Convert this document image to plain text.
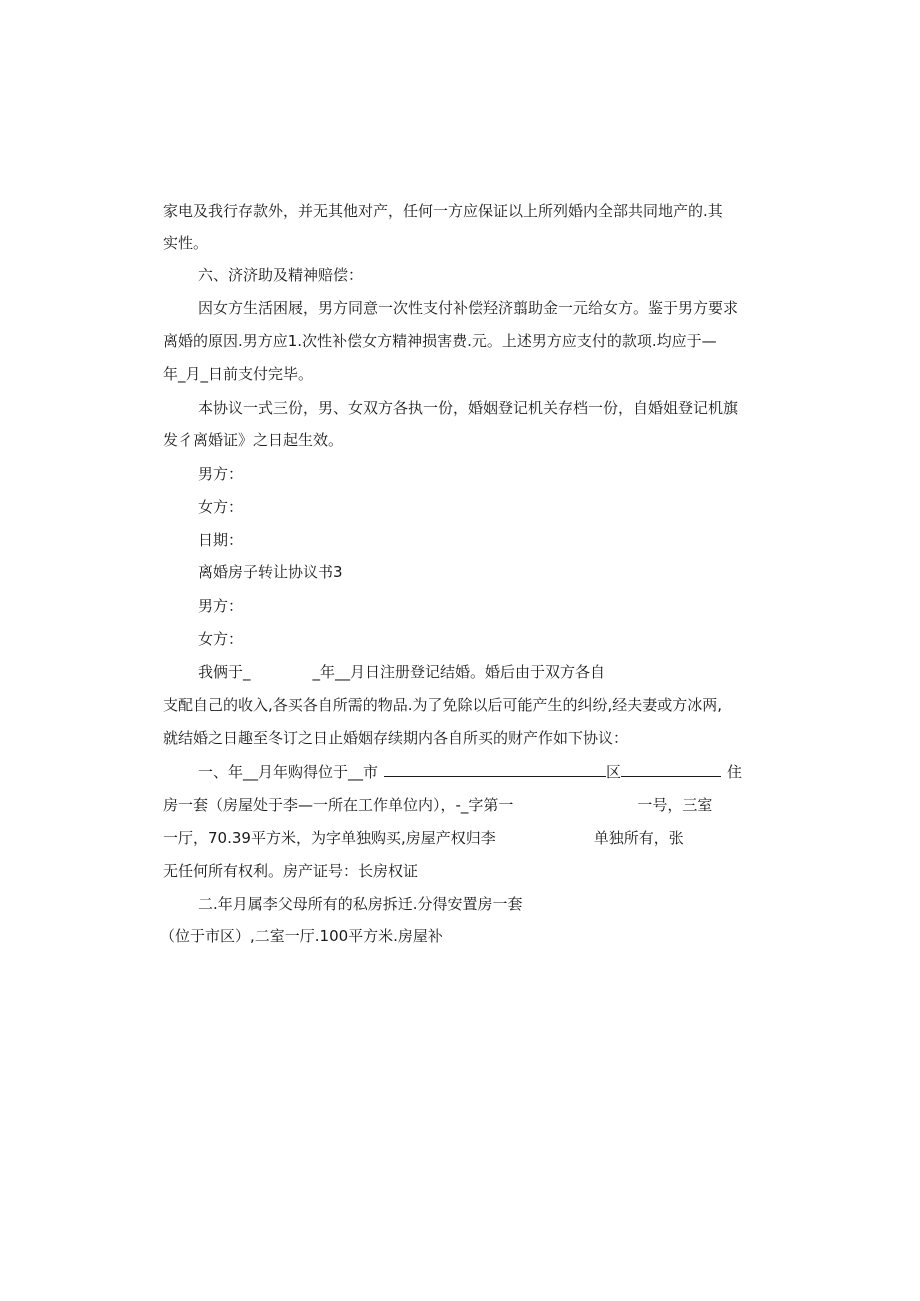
家电及我行存款外，并无其他对产，任何一方应保证以上所列婚内全部共同地产的.其
实性。
六、济济助及精神赔偿：
因女方生活困屐，男方同意一次性支付补偿羟济翦助金一元给女方。鉴于男方要求
离婚的原因.男方应1.次性补偿女方精神损害费.元。上述男方应支付的款项.均应于—
年_月_日前支付完毕。
本协议一式三份，男、女双方各执一份，婚姻登记机关存档一份，自婚姐登记机旗
发彳离婚证》之日起生效。
男方：
女方：
日期：
离婚房子转让协议书3
男方：
女方：
我俩于_	_年__月日注册登记结婚。婚后由于双方各自
支配自己的收入,各买各自所需的物品.为了免除以后可能产生的纠纷,经夫妻或方冰两,
就结婚之日趣至冬订之日止婚姻存续期内各自所买的财产作如下协议：
一、年__月年购得位于__市	区	住
房一套（房屋处于李—一所在工作单位内），-_字第一	一号，三室
一厅，70.39平方米，为字单独购买,房屋产权归李	单独所有，张
无任何所有权利。房产证号：长房权证
二.年月属李父母所有的私房拆迁.分得安置房一套
（位于市区）,二室一厅.100平方米.房屋补
